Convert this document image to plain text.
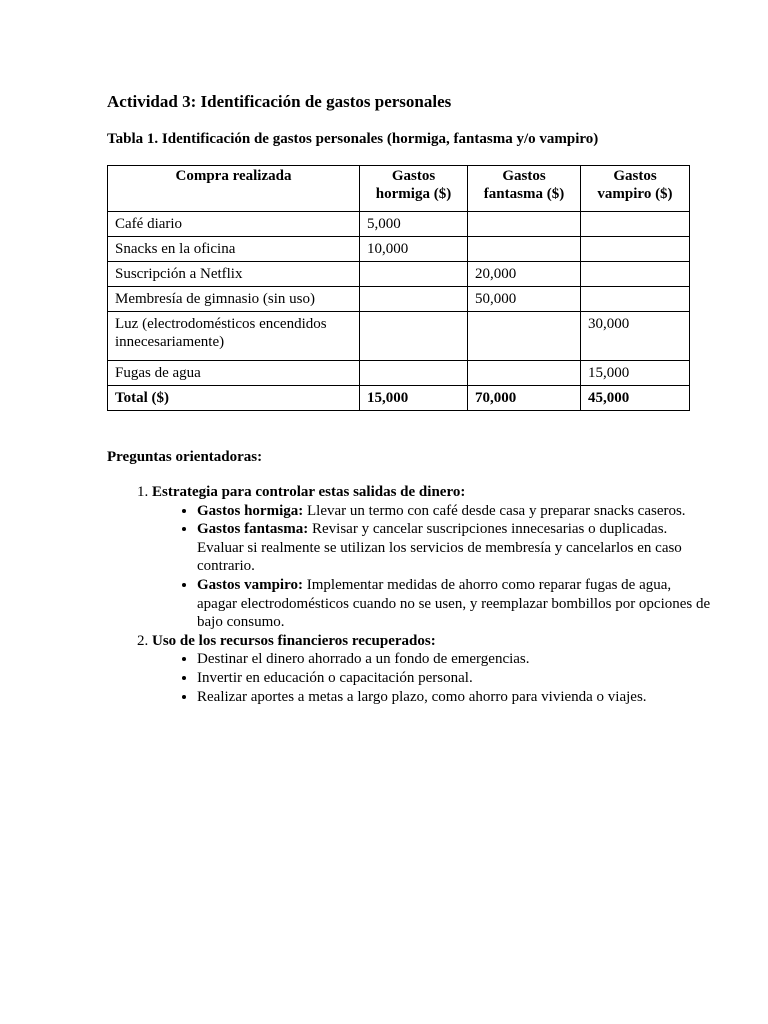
Actividad 3: Identificación de gastos personales

Tabla 1. Identificación de gastos personales (hormiga, fantasma y/o vampiro)

Compra realizada	Gastos hormiga ($)	Gastos fantasma ($)	Gastos vampiro ($)
Café diario	5,000		
Snacks en la oficina	10,000		
Suscripción a Netflix		20,000	
Membresía de gimnasio (sin uso)		50,000	
Luz (electrodomésticos encendidos innecesariamente)			30,000
Fugas de agua			15,000
Total ($)	15,000	70,000	45,000

Preguntas orientadoras:

1. Estrategia para controlar estas salidas de dinero:
• Gastos hormiga: Llevar un termo con café desde casa y preparar snacks caseros.
• Gastos fantasma: Revisar y cancelar suscripciones innecesarias o duplicadas. Evaluar si realmente se utilizan los servicios de membresía y cancelarlos en caso contrario.
• Gastos vampiro: Implementar medidas de ahorro como reparar fugas de agua, apagar electrodomésticos cuando no se usen, y reemplazar bombillos por opciones de bajo consumo.
2. Uso de los recursos financieros recuperados:
• Destinar el dinero ahorrado a un fondo de emergencias.
• Invertir en educación o capacitación personal.
• Realizar aportes a metas a largo plazo, como ahorro para vivienda o viajes.
